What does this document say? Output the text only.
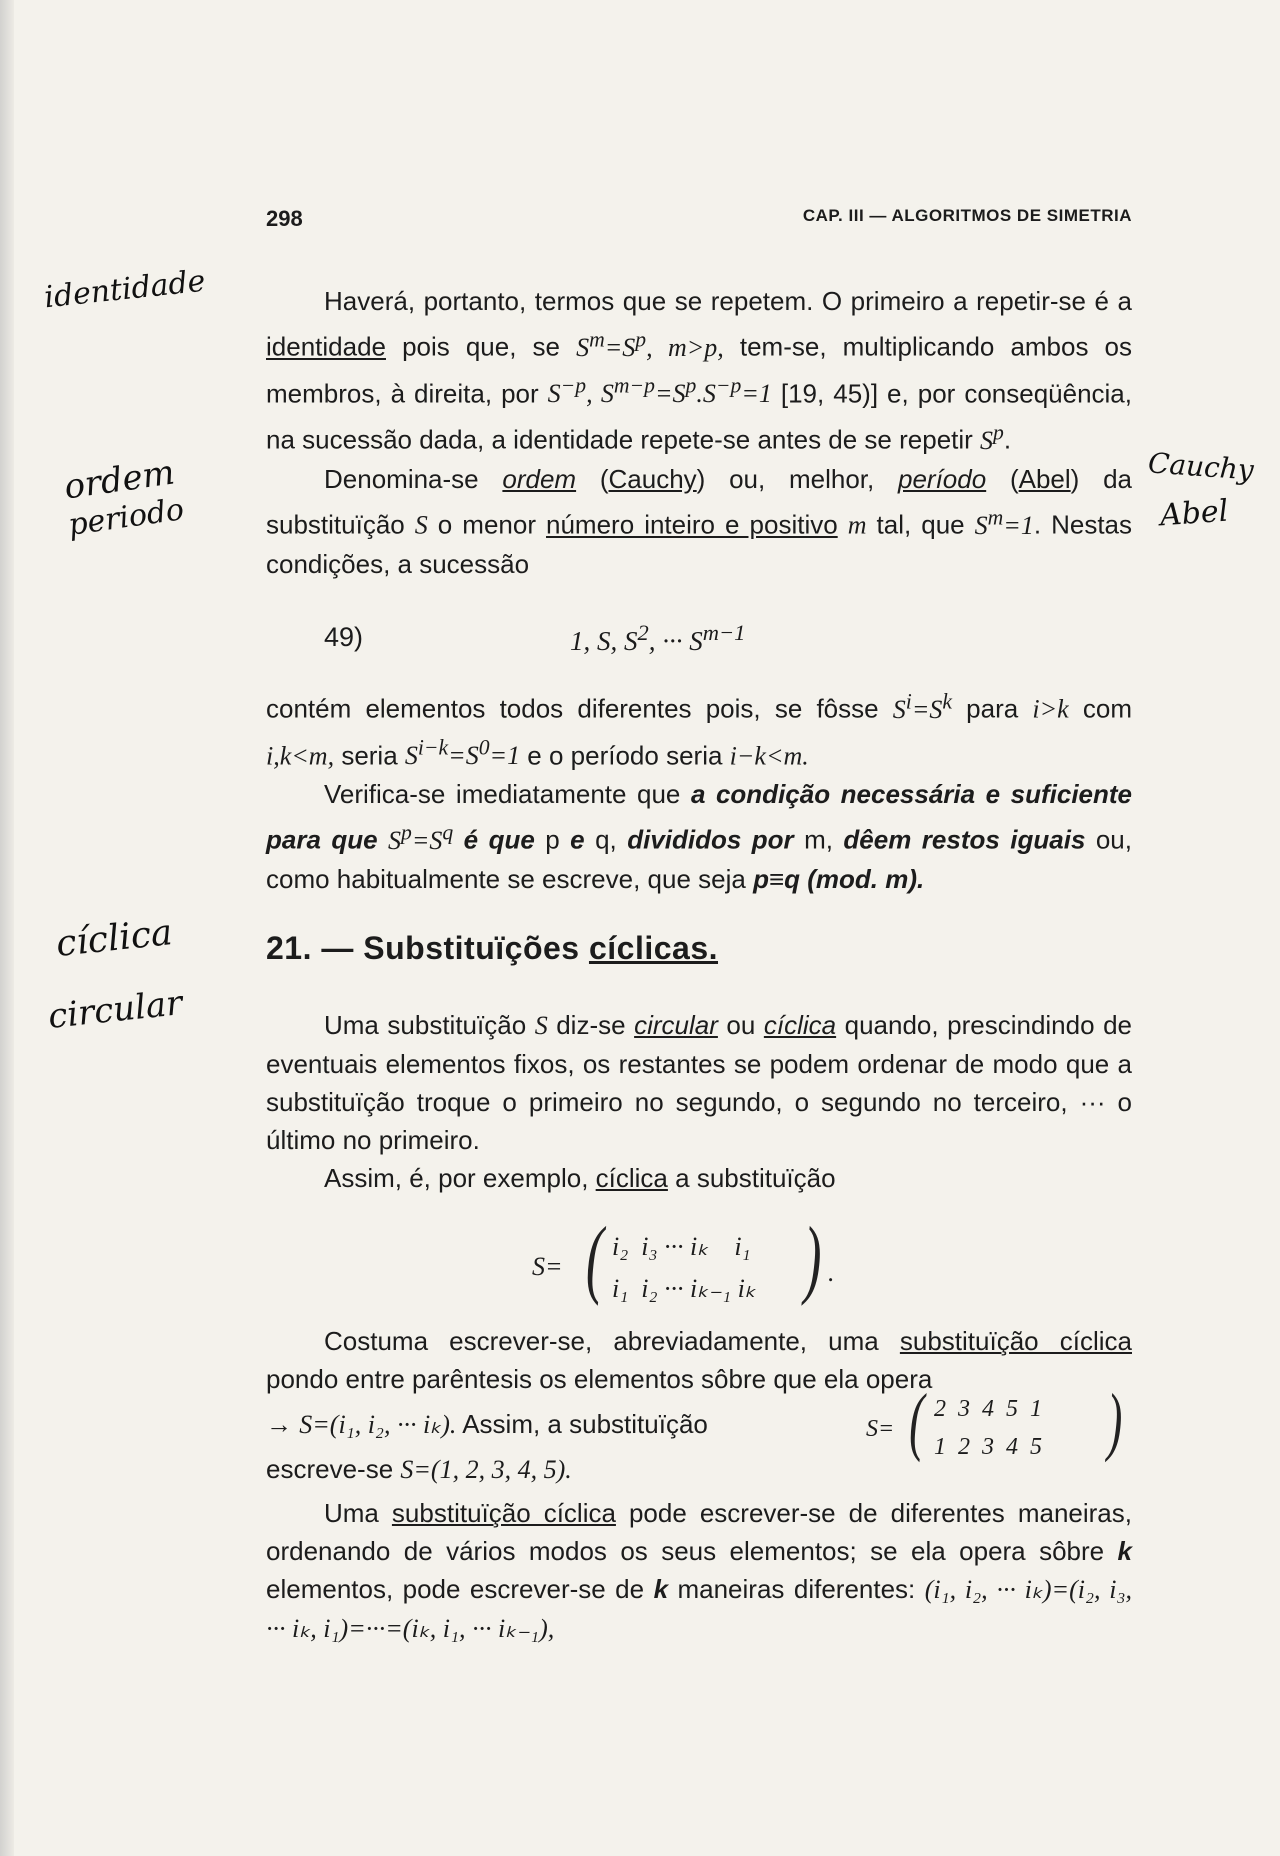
298	CAP. III — ALGORITMOS DE SIMETRIA
identidade
ordem
periodo
Cauchy
Abel
cíclica
circular

Haverá, portanto, termos que se repetem. O primeiro a repetir-se é a identidade pois que, se $S^m=S^p$, m>p, tem-se, multiplicando ambos os membros, à direita, por $S^{-p}$, $S^{m-p}=S^p.S^{-p}=1$ [19, 45)] e, por conseqüência, na sucessão dada, a identidade repete-se antes de se repetir $S^p$.

Denomina-se ordem (Cauchy) ou, melhor, período (Abel) da substituïção S o menor número inteiro e positivo m tal, que $S^m=1$. Nestas condições, a sucessão

49)	1, S, $S^2$, ··· $S^{m-1}$

contém elementos todos diferentes pois, se fôsse $S^i=S^k$ para i>k com i,k<m, seria $S^{i-k}=S^0=1$ e o período seria i−k<m.

Verifica-se imediatamente que a condição necessária e suficiente para que $S^p=S^q$ é que p e q, divididos por m, dêem restos iguais ou, como habitualmente se escreve, que seja p≡q (mod. m).

21. — Substituïções cíclicas.

Uma substituïção S diz-se circular ou cíclica quando, prescindindo de eventuais elementos fixos, os restantes se podem ordenar de modo que a substituïção troque o primeiro no segundo, o segundo no terceiro, ··· o último no primeiro.

Assim, é, por exemplo, cíclica a substituïção

S= ( i₂  i₃ ··· iₖ    i₁
i₁  i₂ ··· iₖ₋₁ iₖ ) .

Costuma escrever-se, abreviadamente, uma substituïção cíclica pondo entre parêntesis os elementos sôbre que ela opera

→ S=(i₁, i₂, ··· iₖ). Assim, a substituïção

escreve-se S=(1, 2, 3, 4, 5).

S= ( 2  3  4  5  1
1  2  3  4  5 )

Uma substituïção cíclica pode escrever-se de diferentes maneiras, ordenando de vários modos os seus elementos; se ela opera sôbre k elementos, pode escrever-se de k maneiras diferentes: (i₁, i₂, ··· iₖ)=(i₂, i₃, ··· iₖ, i₁)=···=(iₖ, i₁, ··· iₖ₋₁),
